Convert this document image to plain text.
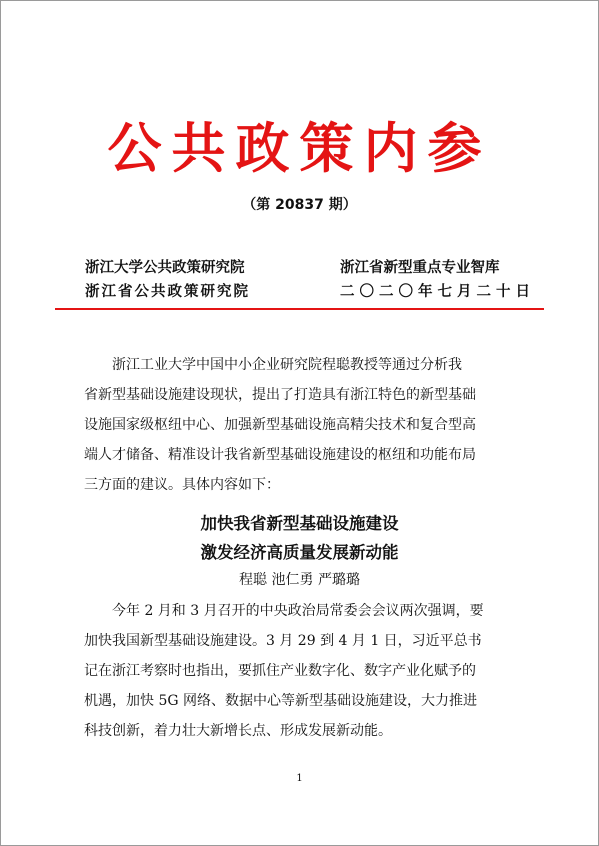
公共政策内参
（第 20837 期）
浙江大学公共政策研究院
浙江省公共政策研究院
浙江省新型重点专业智库
二〇二〇年七月二十日
浙江工业大学中国中小企业研究院程聪教授等通过分析我
省新型基础设施建设现状，提出了打造具有浙江特色的新型基础
设施国家级枢纽中心、加强新型基础设施高精尖技术和复合型高
端人才储备、精准设计我省新型基础设施建设的枢纽和功能布局
三方面的建议。具体内容如下：
加快我省新型基础设施建设
激发经济高质量发展新动能
程聪 池仁勇 严璐璐
今年 2 月和 3 月召开的中央政治局常委会会议两次强调，要
加快我国新型基础设施建设。3 月 29 到 4 月 1 日，习近平总书
记在浙江考察时也指出，要抓住产业数字化、数字产业化赋予的
机遇，加快 5G 网络、数据中心等新型基础设施建设，大力推进
科技创新，着力壮大新增长点、形成发展新动能。
1
